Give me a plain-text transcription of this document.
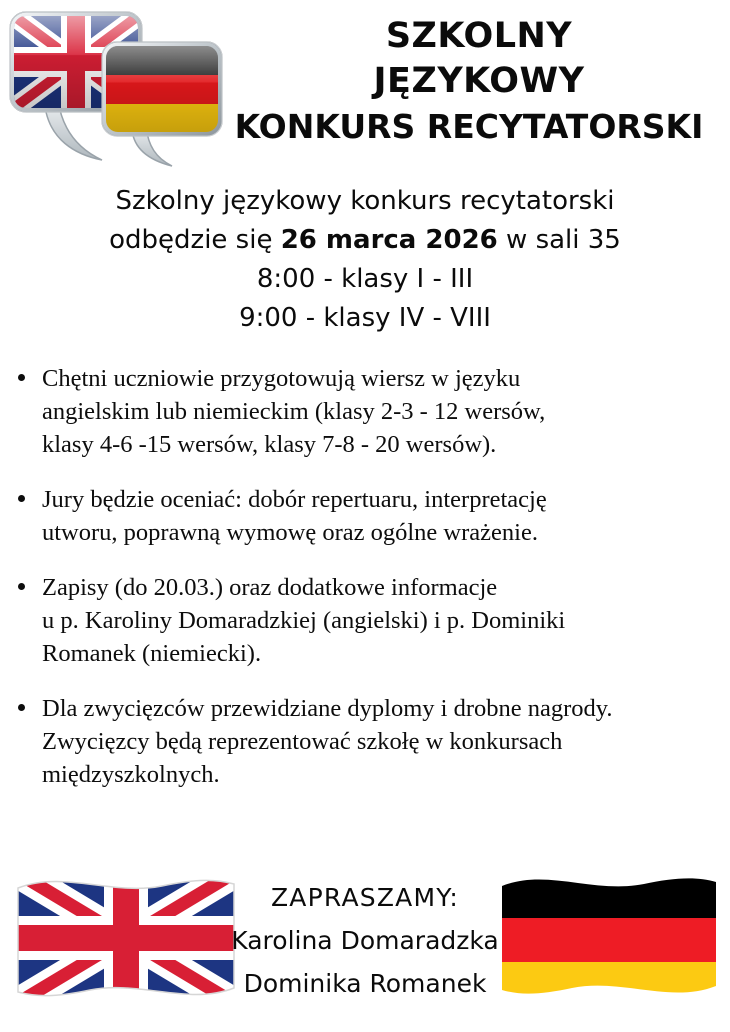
SZKOLNY
JĘZYKOWY
KONKURS RECYTATORSKI
Szkolny językowy konkurs recytatorski
odbędzie się 26 marca 2026 w sali 35
8:00 - klasy I - III
9:00 - klasy IV - VIII
Chętni uczniowie przygotowują wiersz w języku
angielskim lub niemieckim (klasy 2-3 - 12 wersów,
klasy 4-6 -15 wersów, klasy 7-8 - 20 wersów).
Jury będzie oceniać: dobór repertuaru, interpretację
utworu, poprawną wymowę oraz ogólne wrażenie.
Zapisy (do 20.03.) oraz dodatkowe informacje
u p. Karoliny Domaradzkiej (angielski) i p. Dominiki
Romanek (niemiecki).
Dla zwycięzców przewidziane dyplomy i drobne nagrody.
Zwycięzcy będą reprezentować szkołę w konkursach
międzyszkolnych.
ZAPRASZAMY:
Karolina Domaradzka
Dominika Romanek
